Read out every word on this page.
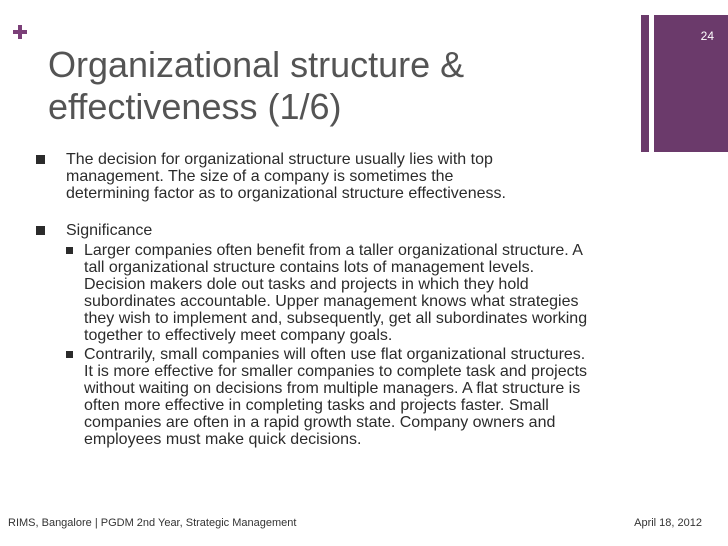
24
Organizational structure &
effectiveness (1/6)
The decision for organizational structure usually lies with top
management. The size of a company is sometimes the
determining factor as to organizational structure effectiveness.
Significance
Larger companies often benefit from a taller organizational structure. A
tall organizational structure contains lots of management levels.
Decision makers dole out tasks and projects in which they hold
subordinates accountable. Upper management knows what strategies
they wish to implement and, subsequently, get all subordinates working
together to effectively meet company goals.
Contrarily, small companies will often use flat organizational structures.
It is more effective for smaller companies to complete task and projects
without waiting on decisions from multiple managers. A flat structure is
often more effective in completing tasks and projects faster. Small
companies are often in a rapid growth state. Company owners and
employees must make quick decisions.
RIMS, Bangalore | PGDM 2nd Year, Strategic Management	April 18, 2012
